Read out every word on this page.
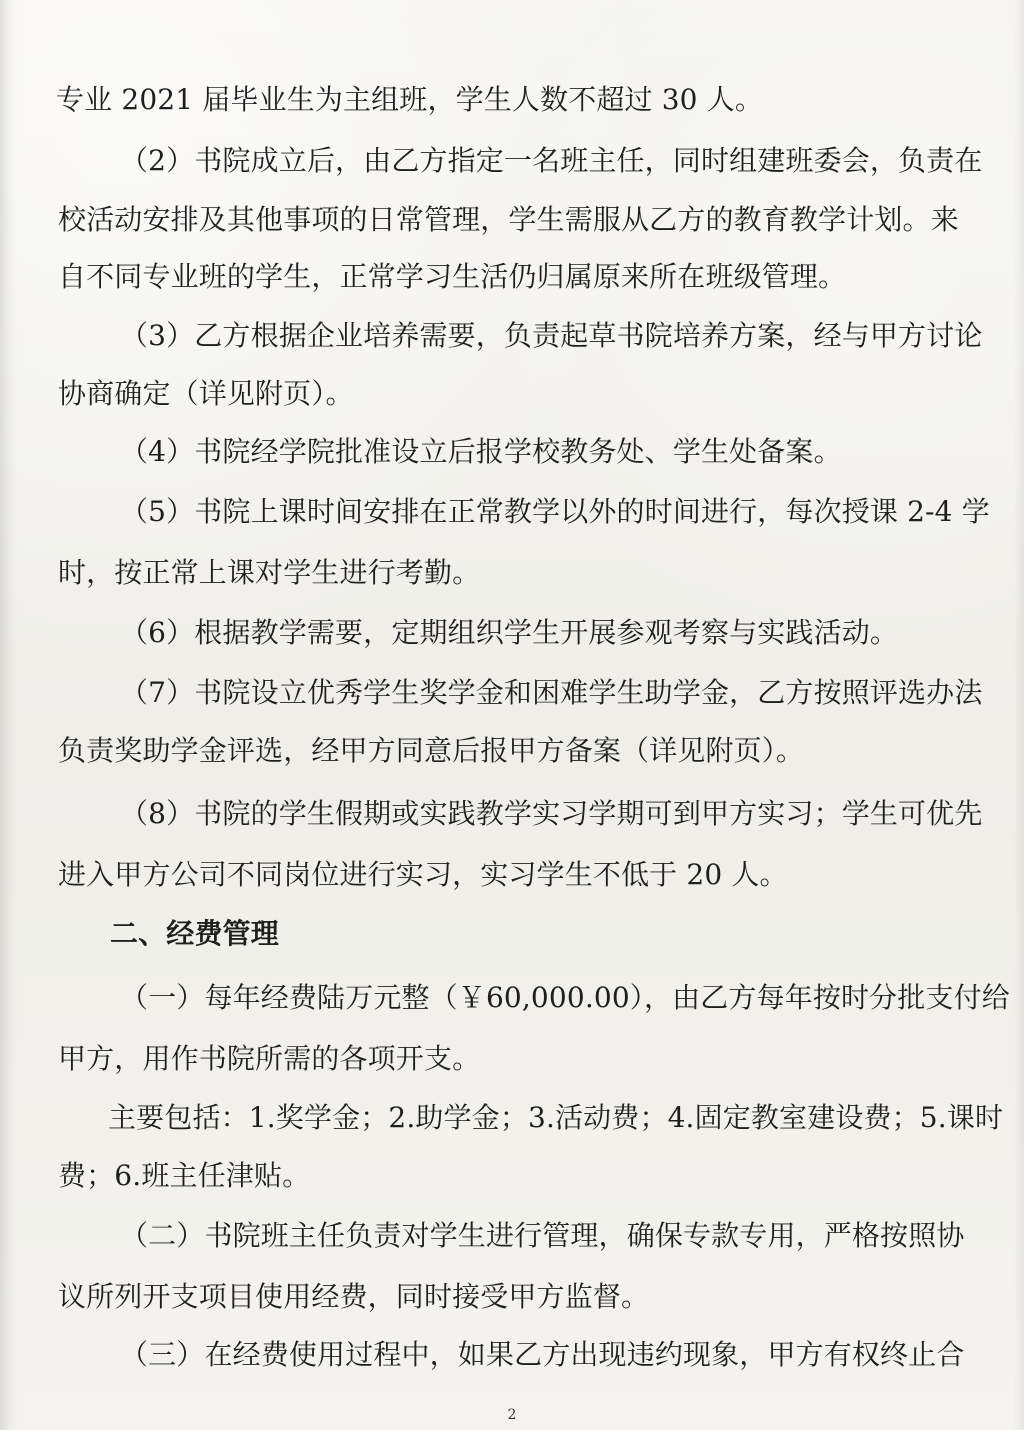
专业 2021 届毕业生为主组班，学生人数不超过 30 人。
（2）书院成立后，由乙方指定一名班主任，同时组建班委会，负责在
校活动安排及其他事项的日常管理，学生需服从乙方的教育教学计划。来
自不同专业班的学生，正常学习生活仍归属原来所在班级管理。
（3）乙方根据企业培养需要，负责起草书院培养方案，经与甲方讨论
协商确定（详见附页）。
（4）书院经学院批准设立后报学校教务处、学生处备案。
（5）书院上课时间安排在正常教学以外的时间进行，每次授课 2-4 学
时，按正常上课对学生进行考勤。
（6）根据教学需要，定期组织学生开展参观考察与实践活动。
（7）书院设立优秀学生奖学金和困难学生助学金，乙方按照评选办法
负责奖助学金评选，经甲方同意后报甲方备案（详见附页）。
（8）书院的学生假期或实践教学实习学期可到甲方实习；学生可优先
进入甲方公司不同岗位进行实习，实习学生不低于 20 人。
二、经费管理
（一）每年经费陆万元整（￥60,000.00），由乙方每年按时分批支付给
甲方，用作书院所需的各项开支。
主要包括：1.奖学金；2.助学金；3.活动费；4.固定教室建设费；5.课时
费；6.班主任津贴。
（二）书院班主任负责对学生进行管理，确保专款专用，严格按照协
议所列开支项目使用经费，同时接受甲方监督。
（三）在经费使用过程中，如果乙方出现违约现象，甲方有权终止合
2
